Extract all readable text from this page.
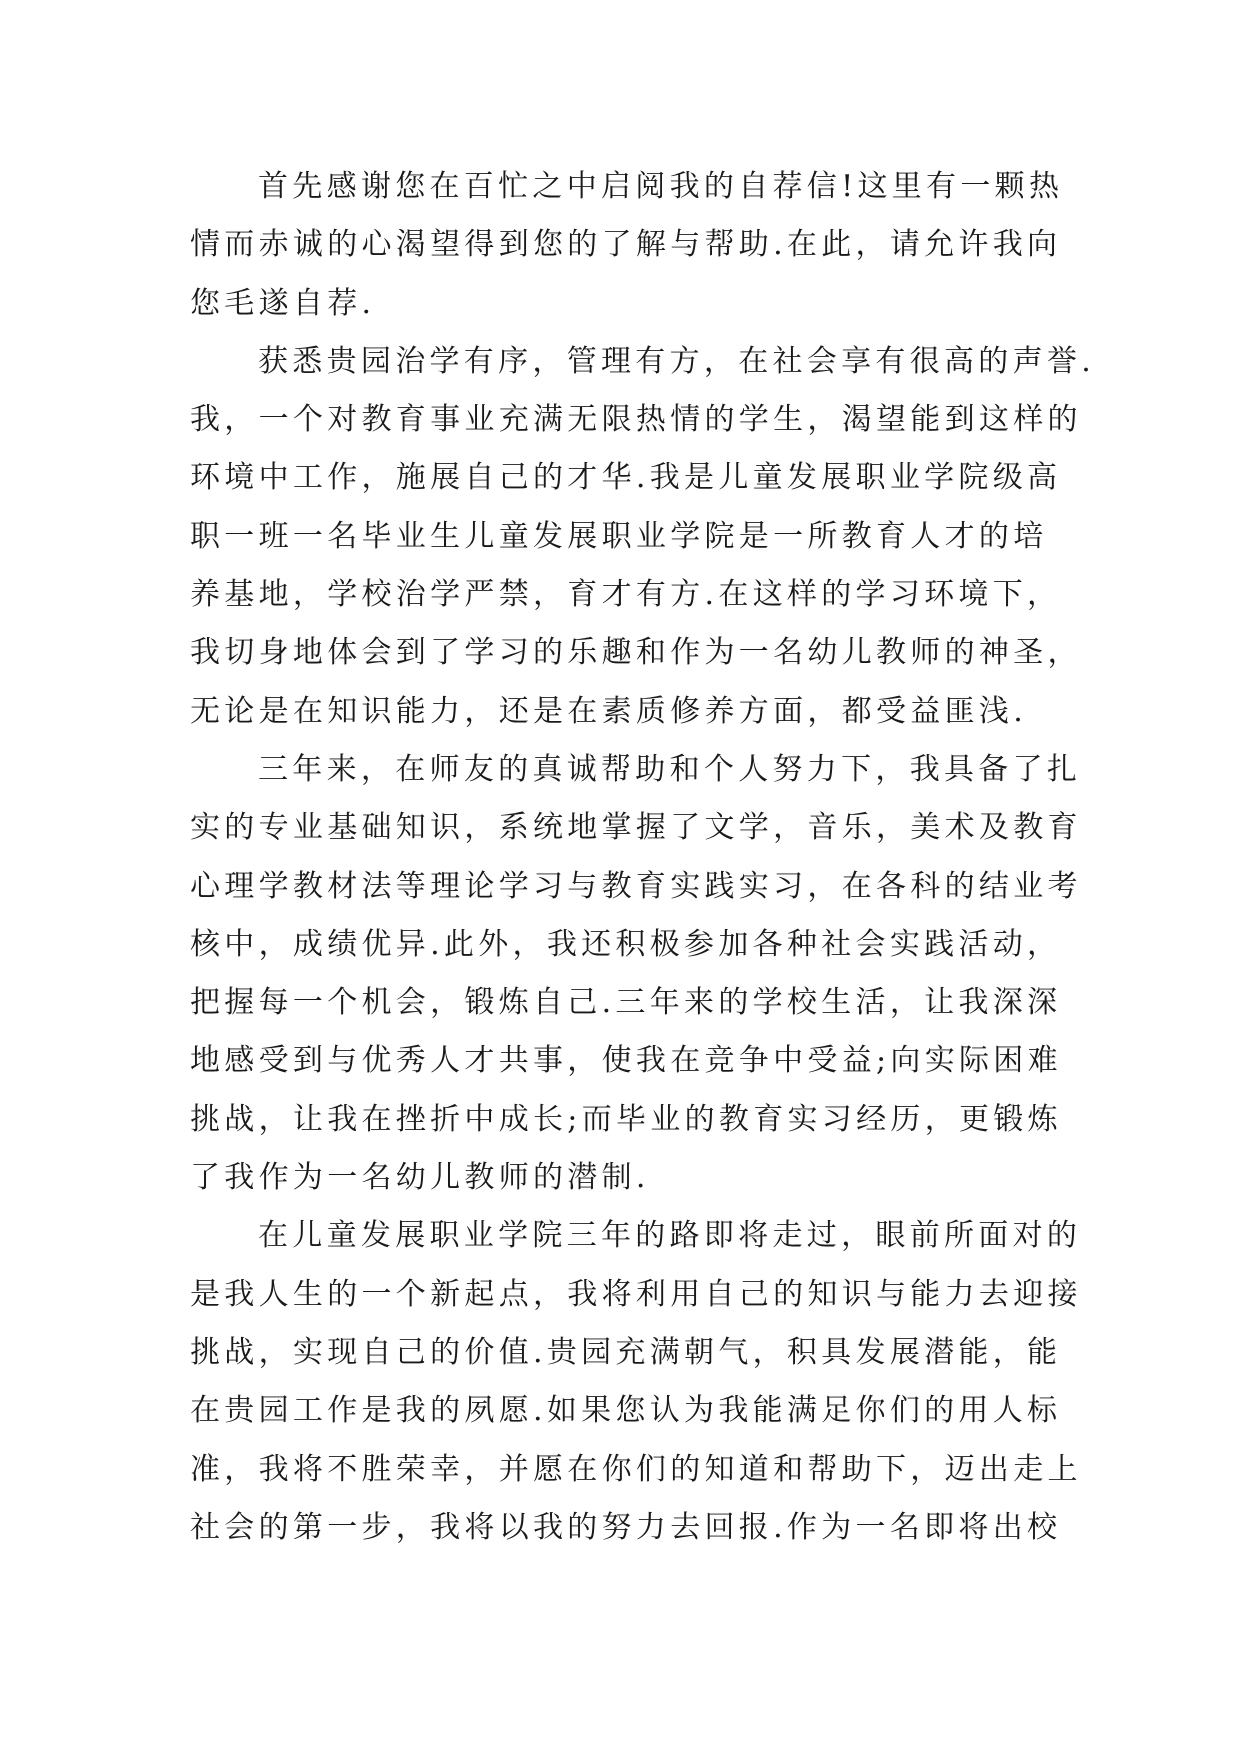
首先感谢您在百忙之中启阅我的自荐信!这里有一颗热
情而赤诚的心渴望得到您的了解与帮助.在此，请允许我向
您毛遂自荐.
获悉贵园治学有序，管理有方，在社会享有很高的声誉.
我，一个对教育事业充满无限热情的学生，渴望能到这样的
环境中工作，施展自己的才华.我是儿童发展职业学院级高
职一班一名毕业生儿童发展职业学院是一所教育人才的培
养基地，学校治学严禁，育才有方.在这样的学习环境下，
我切身地体会到了学习的乐趣和作为一名幼儿教师的神圣，
无论是在知识能力，还是在素质修养方面，都受益匪浅.
三年来，在师友的真诚帮助和个人努力下，我具备了扎
实的专业基础知识，系统地掌握了文学，音乐，美术及教育
心理学教材法等理论学习与教育实践实习，在各科的结业考
核中，成绩优异.此外，我还积极参加各种社会实践活动，
把握每一个机会，锻炼自己.三年来的学校生活，让我深深
地感受到与优秀人才共事，使我在竞争中受益;向实际困难
挑战，让我在挫折中成长;而毕业的教育实习经历，更锻炼
了我作为一名幼儿教师的潜制.
在儿童发展职业学院三年的路即将走过，眼前所面对的
是我人生的一个新起点，我将利用自己的知识与能力去迎接
挑战，实现自己的价值.贵园充满朝气，积具发展潜能，能
在贵园工作是我的夙愿.如果您认为我能满足你们的用人标
准，我将不胜荣幸，并愿在你们的知道和帮助下，迈出走上
社会的第一步，我将以我的努力去回报.作为一名即将出校
